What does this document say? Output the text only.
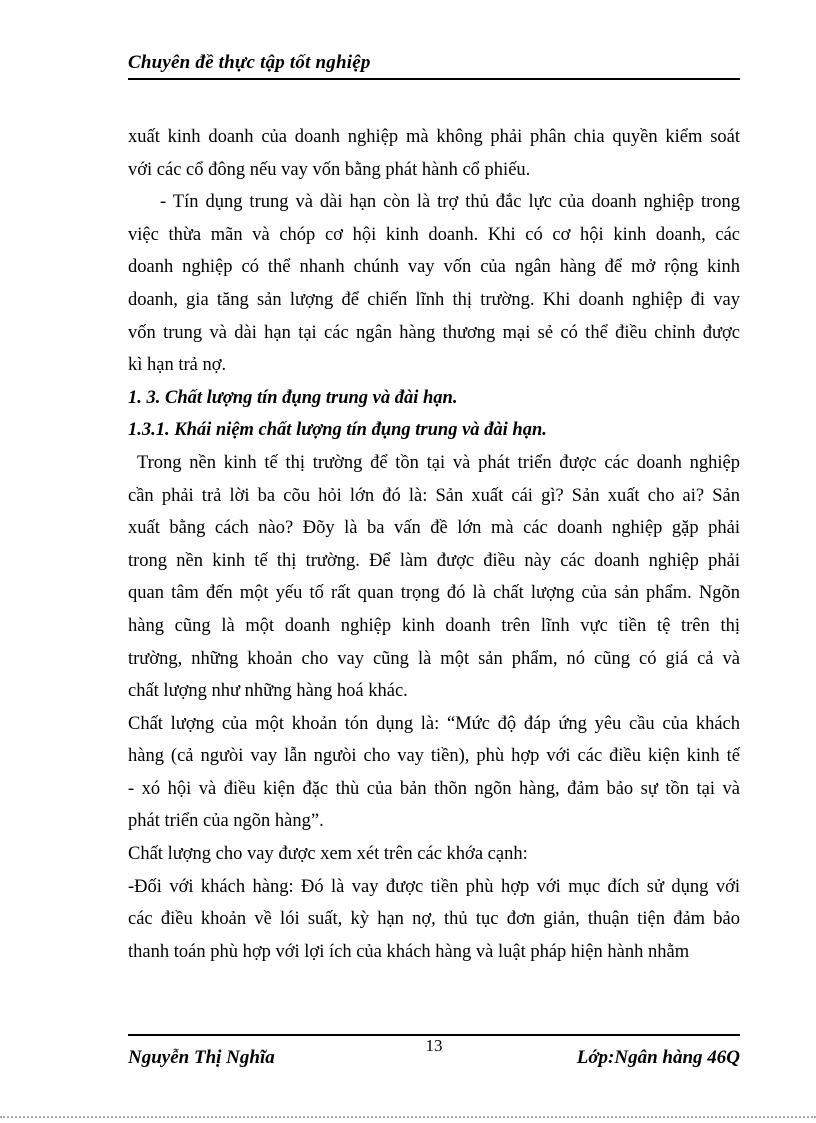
Chuyên đề thực tập tốt nghiệp
xuất kinh doanh của doanh nghiệp mà không phải phân chia quyền kiểm soát
với các cổ đông nếu vay vốn bằng phát hành cổ phiếu.
- Tín dụng trung và dài hạn còn là trợ thủ đắc lực của doanh nghiệp trong
việc thừa mãn và chóp cơ hội kinh doanh. Khi có cơ hội kinh doanh, các
doanh nghiệp có thể nhanh chúnh vay vốn của ngân hàng để mở rộng kinh
doanh, gia tăng sản lượng để chiến lĩnh thị trường. Khi doanh nghiệp đi vay
vốn trung và dài hạn tại các ngân hàng thương mại sẻ có thể điều chỉnh được
kì hạn trả nợ.
1. 3. Chất lượng tín đụng trung và đài hạn.
1.3.1. Khái niệm chất lượng tín đụng trung và đài hạn.
Trong nền kinh tế thị trường để tồn tại và phát triển được các doanh nghiệp
cần phải trả lời ba cõu hỏi lớn đó là: Sản xuất cái gì? Sản xuất cho ai? Sản
xuất bằng cách nào? Đõy là ba vấn đề lớn mà các doanh nghiệp gặp phải
trong nền kinh tế thị trường. Để làm được điều này các doanh nghiệp phải
quan tâm đến một yếu tố rất quan trọng đó là chất lượng của sản phẩm. Ngõn
hàng cũng là một doanh nghiệp kinh doanh trên lĩnh vực tiền tệ trên thị
trường, những khoản cho vay cũng là một sản phẩm, nó cũng có giá cả và
chất lượng như những hàng hoá khác.
Chất lượng của một khoản tón dụng là: “Mức độ đáp ứng yêu cầu của khách
hàng (cả ngưòi vay lẫn ngưòi cho vay tiền), phù hợp với các điều kiện kinh tế
- xó hội và điều kiện đặc thù của bản thõn ngõn hàng, đảm bảo sự tồn tại và
phát triển của ngõn hàng”.
Chất lượng cho vay được xem xét trên các khớa cạnh:
-Đối với khách hàng: Đó là vay được tiền phù hợp với mục đích sử dụng với
các điều khoản về lói suất, kỳ hạn nợ, thủ tục đơn giản, thuận tiện đảm bảo
thanh toán phù hợp với lợi ích của khách hàng và luật pháp hiện hành nhằm
13
Nguyễn Thị Nghĩa	Lớp:Ngân hàng 46Q
